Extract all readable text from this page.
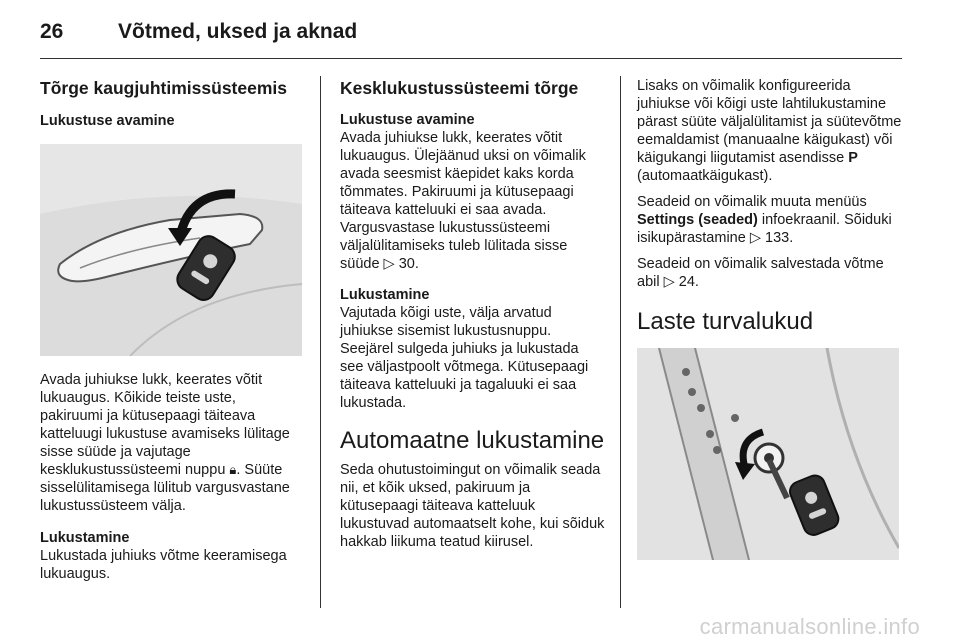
26	Võtmed, uksed ja aknad
Tõrge kaugjuhtimissüsteemis
Lukustuse avamine

Avada juhiukse lukk, keerates võtit lukuaugus. Kõikide teiste uste, pakiruumi ja kütusepaagi täiteava katteluugi lukustuse avamiseks lülitage sisse süüde ja vajutage kesklukustussüsteemi nuppu 🔒︎. Süüte sisselülitamisega lülitub vargusvastane lukustussüsteem välja.

Lukustamine

Lukustada juhiuks võtme keeramisega lukuaugus.

Kesklukustussüsteemi tõrge
Lukustuse avamine

Avada juhiukse lukk, keerates võtit lukuaugus. Ülejäänud uksi on võimalik avada seesmist käepidet kaks korda tõmmates. Pakiruumi ja kütusepaagi täiteava katteluuki ei saa avada. Vargusvastase lukustussüsteemi väljalülitamiseks tuleb lülitada sisse süüde ▷ 30.

Lukustamine

Vajutada kõigi uste, välja arvatud juhiukse sisemist lukustusnuppu. Seejärel sulgeda juhiuks ja lukustada see väljastpoolt võtmega. Kütusepaagi täiteava katteluuki ja tagaluuki ei saa lukustada.

Automaatne lukustamine

Seda ohutustoimingut on võimalik seada nii, et kõik uksed, pakiruum ja kütusepaagi täiteava katteluuk lukustuvad automaatselt kohe, kui sõiduk hakkab liikuma teatud kiirusel.

Lisaks on võimalik konfigureerida juhiukse või kõigi uste lahtilukustamine pärast süüte väljalülitamist ja süütevõtme eemaldamist (manuaalne käigukast) või käigukangi liigutamist asendisse P (automaatkäigukast).

Seadeid on võimalik muuta menüüs Settings (seaded) infoekraanil. Sõiduki isikupärastamine ▷ 133.

Seadeid on võimalik salvestada võtme abil ▷ 24.

Laste turvalukud
carmanualsonline.info
